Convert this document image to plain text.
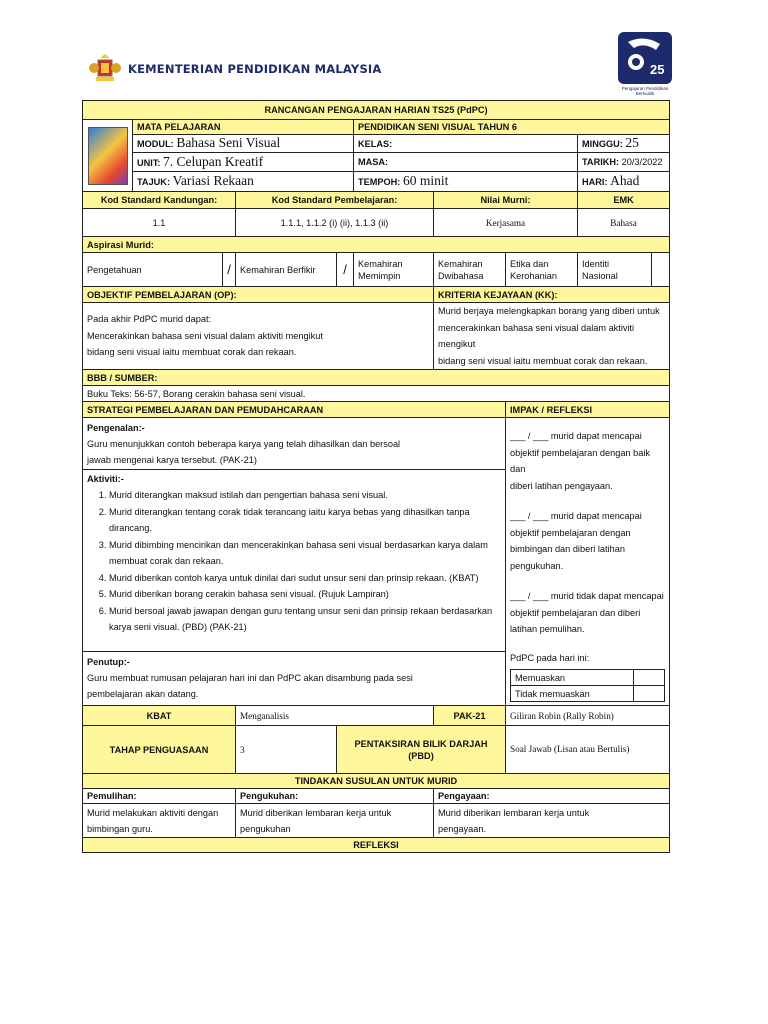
KEMENTERIAN PENDIDIKAN MALAYSIA	25
Pengajaran Pendidikan Berkualiti
RANCANGAN PENGAJARAN HARIAN TS25 (PdPC)

	MATA PELAJARAN	PENDIDIKAN SENI VISUAL TAHUN 6
MODUL: Bahasa Seni Visual	KELAS:	MINGGU: 25
UNIT: 7. Celupan Kreatif	MASA:	TARIKH: 20/3/2022
TAJUK: Variasi Rekaan	TEMPOH: 60 minit	HARI: Ahad
Kod Standard Kandungan:	Kod Standard Pembelajaran:	Nilai Murni:	EMK
1.1	1.1.1, 1.1.2 (i) (ii), 1.1.3 (ii)	Kerjasama	Bahasa
Aspirasi Murid:
Pengetahuan	/	Kemahiran Berfikir	/	Kemahiran Memimpin	Kemahiran Dwibahasa	Etika dan Kerohanian	Identiti Nasional	
OBJEKTIF PEMBELAJARAN (OP):	KRITERIA KEJAYAAN (KK):

Pada akhir PdPC murid dapat:
Mencerakinkan bahasa seni visual dalam aktiviti mengikut
bidang seni visual iaitu membuat corak dan rekaan.

Murid berjaya melengkapkan borang yang diberi untuk
mencerakinkan bahasa seni visual dalam aktiviti mengikut
bidang seni visual iaitu membuat corak dan rekaan.

BBB / SUMBER:
Buku Teks: 56-57, Borang cerakin bahasa seni visual.
STRATEGI PEMBELAJARAN DAN PEMUDAHCARAAN	IMPAK / REFLEKSI

Pengenalan:-
Guru menunjukkan contoh beberapa karya yang telah dihasilkan dan bersoal
jawab mengenai karya tersebut. (PAK-21)

___ / ___ murid dapat mencapai
objektif pembelajaran dengan baik dan
diberi latihan pengayaan.
___ / ___ murid dapat mencapai
objektif pembelajaran dengan
bimbingan dan diberi latihan
pengukuhan.
___ / ___ murid tidak dapat mencapai
objektif pembelajaran dan diberi
latihan pemulihan.
PdPC pada hari ini:
Memuaskan	
Tidak memuaskan	

Aktiviti:-
1. Murid diterangkan maksud istilah dan pengertian bahasa seni visual.
2. Murid diterangkan tentang corak tidak terancang iaitu karya bebas yang dihasilkan tanpa dirancang.
3. Murid dibimbing mencirikan dan mencerakinkan bahasa seni visual berdasarkan karya dalam membuat corak dan rekaan.
4. Murid diberikan contoh karya untuk dinilai dari sudut unsur seni dan prinsip rekaan. (KBAT)
5. Murid diberikan borang cerakin bahasa seni visual. (Rujuk Lampiran)
6. Murid bersoal jawab jawapan dengan guru tentang unsur seni dan prinsip rekaan berdasarkan karya seni visual. (PBD) (PAK-21)

Penutup:-
Guru membuat rumusan pelajaran hari ini dan PdPC akan disambung pada sesi
pembelajaran akan datang.

KBAT	Menganalisis	PAK-21	Giliran Robin (Rally Robin)
TAHAP PENGUASAAN	3	PENTAKSIRAN BILIK DARJAH (PBD)	Soal Jawab (Lisan atau Bertulis)
TINDAKAN SUSULAN UNTUK MURID
Pemulihan:	Pengukuhan:	Pengayaan:

Murid melakukan aktiviti dengan
bimbingan guru.

Murid diberikan lembaran kerja untuk
pengukuhan

Murid diberikan lembaran kerja untuk
pengayaan.

REFLEKSI
